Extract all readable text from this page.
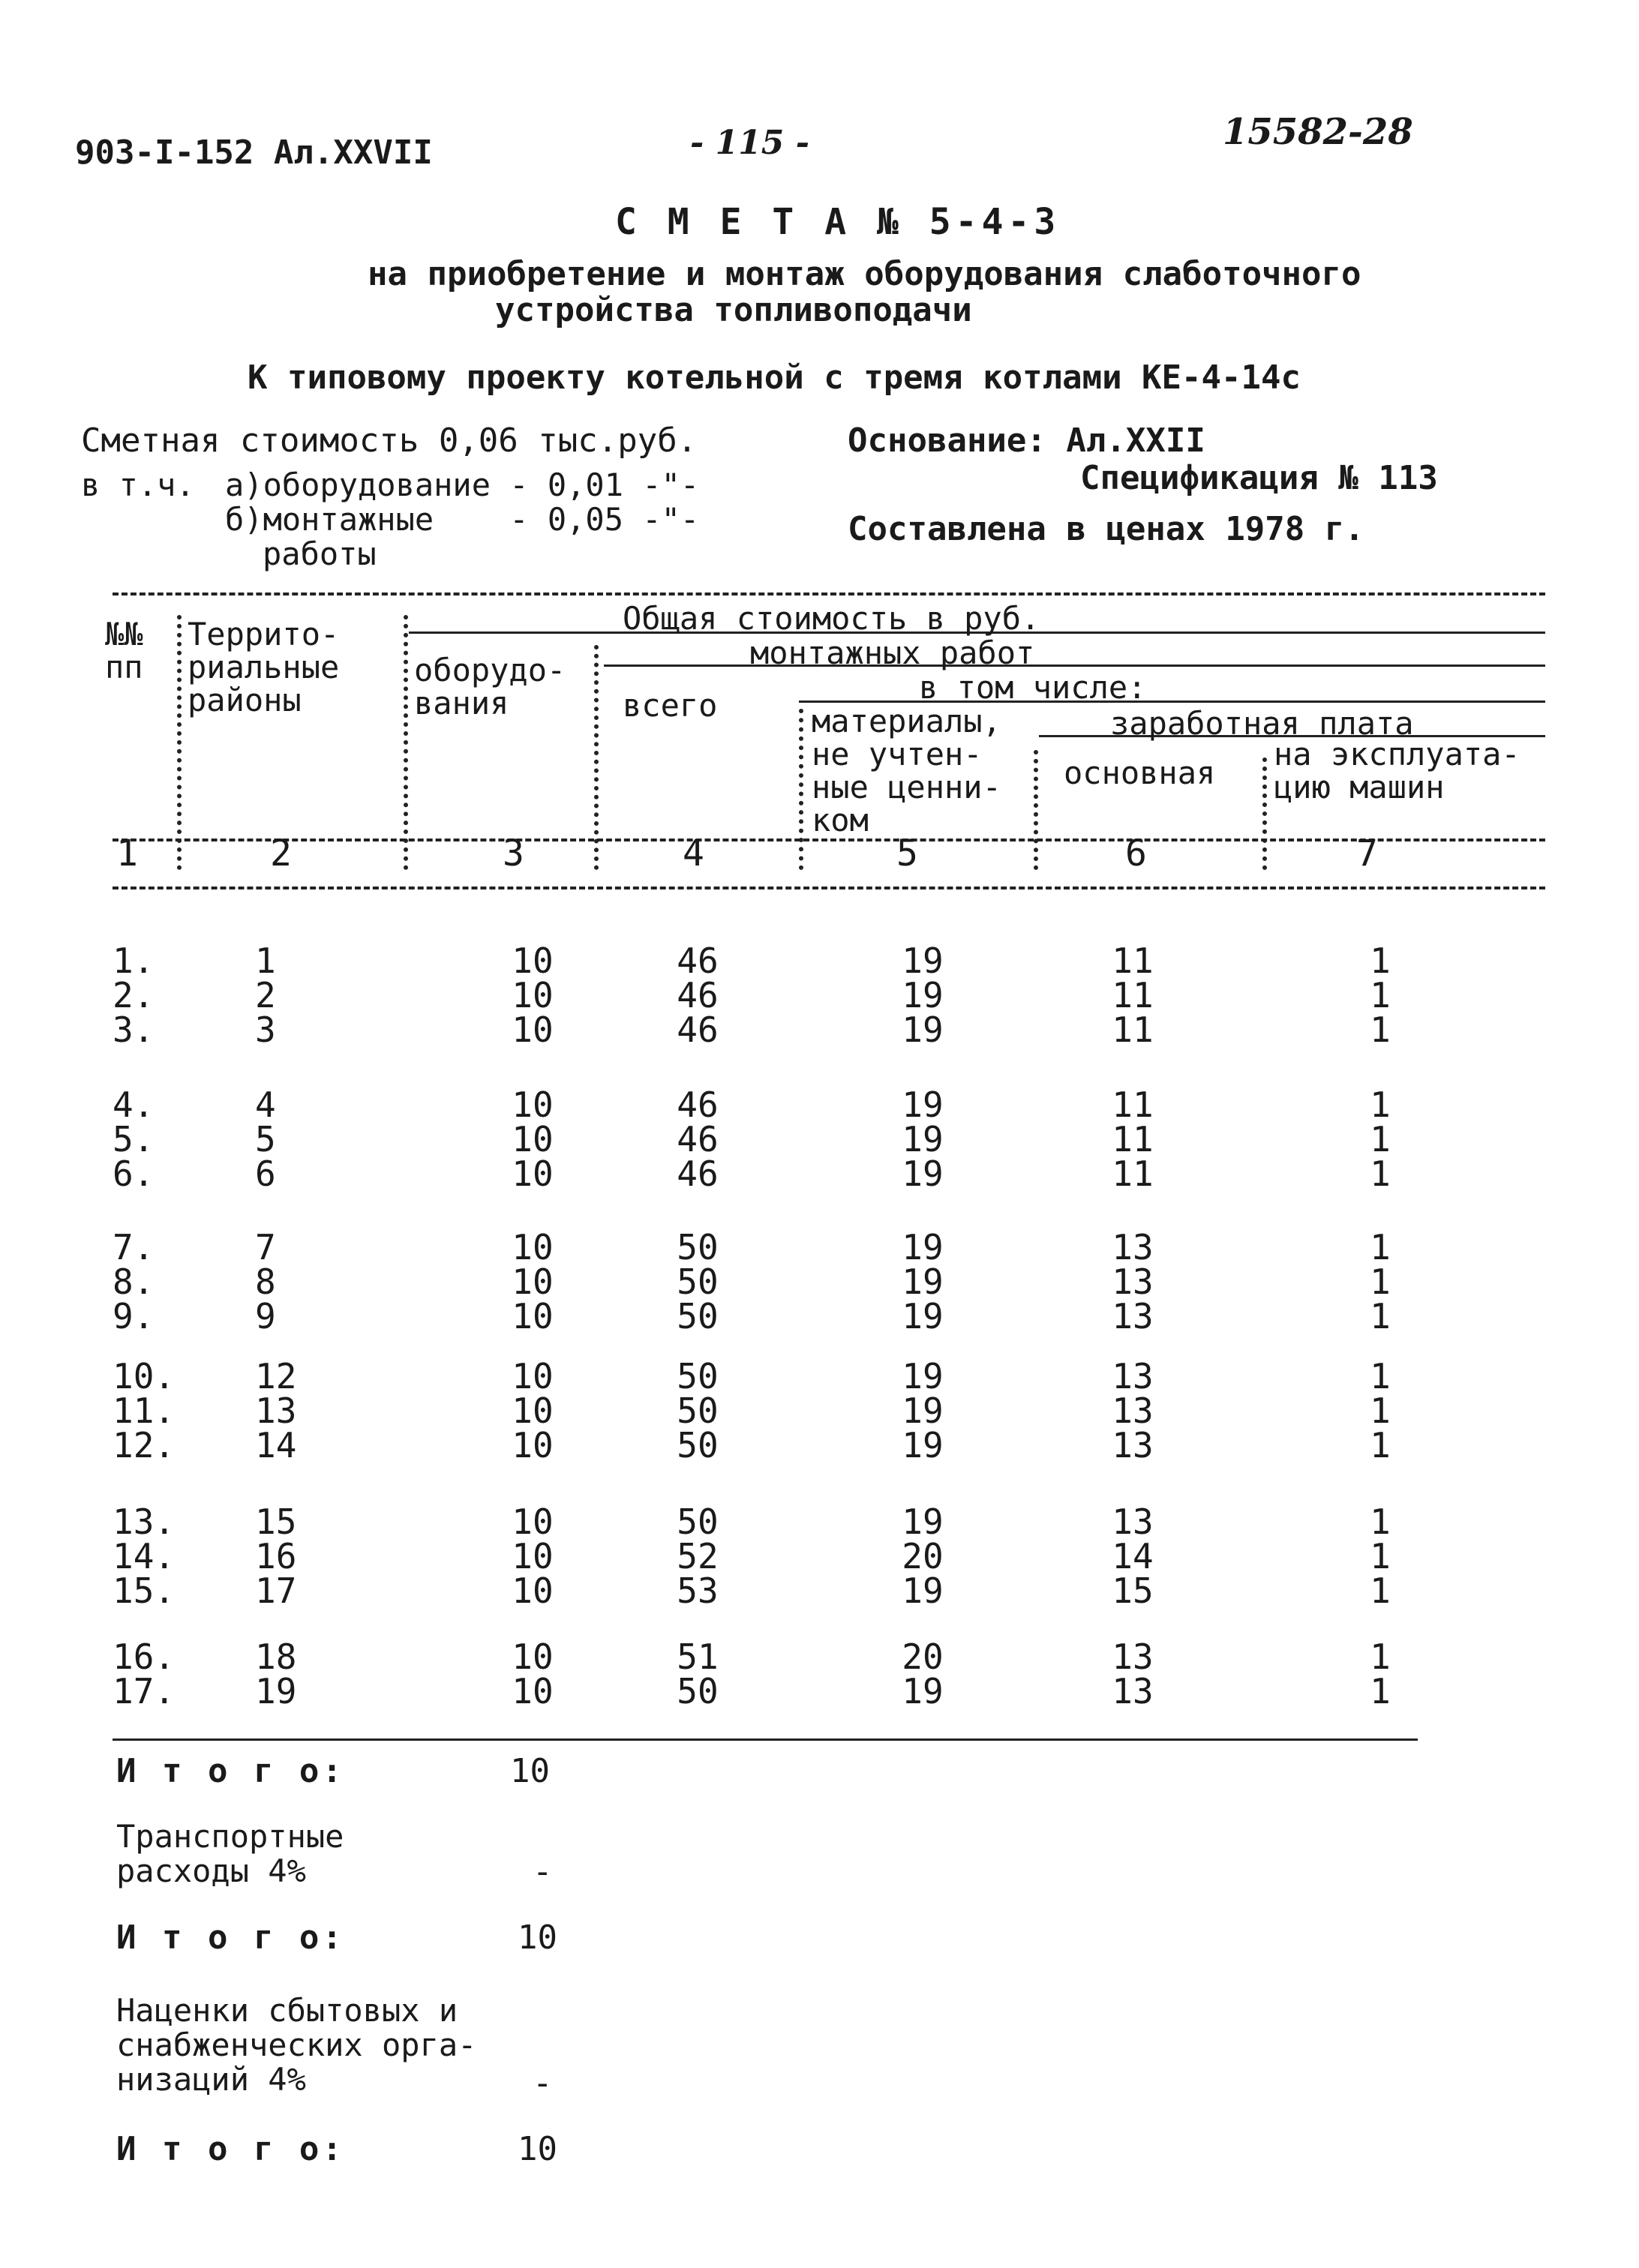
903-I-152 Ал.XXVII	- 115 -	15582-28
С М Е Т А № 5-4-3
на приобретение и монтаж оборудования слаботочного
устройства топливоподачи
К типовому проекту котельной с тремя котлами КЕ-4-14с
Сметная стоимость 0,06 тыс.руб.
в т.ч. а)оборудование - 0,01 -"-
б)монтажные    - 0,05 -"-
работы
Основание: Ал.XXII
Спецификация № 113
Составлена в ценах 1978 г.
№№
пп
Террито-
риальные
районы
Общая стоимость в руб.
оборудо-
вания
монтажных работ
всего	в том числе:
материалы,
не учтен-
ные ценни-
ком
заработная плата
основная
на эксплуата-
цию машин
1	2	3	4	5	6	7
1.	1	10	46	19	11	1
2.	2	10	46	19	11	1
3.	3	10	46	19	11	1
4.	4	10	46	19	11	1
5.	5	10	46	19	11	1
6.	6	10	46	19	11	1
7.	7	10	50	19	13	1
8.	8	10	50	19	13	1
9.	9	10	50	19	13	1
10.	12	10	50	19	13	1
11.	13	10	50	19	13	1
12.	14	10	50	19	13	1
13.	15	10	50	19	13	1
14.	16	10	52	20	14	1
15.	17	10	53	19	15	1
16.	18	10	51	20	13	1
17.	19	10	50	19	13	1
И т о г о:	10
Транспортные
расходы 4%	-
И т о г о:	10
Наценки сбытовых и
снабженческих орга-
низаций 4%	-
И т о г о:	10
